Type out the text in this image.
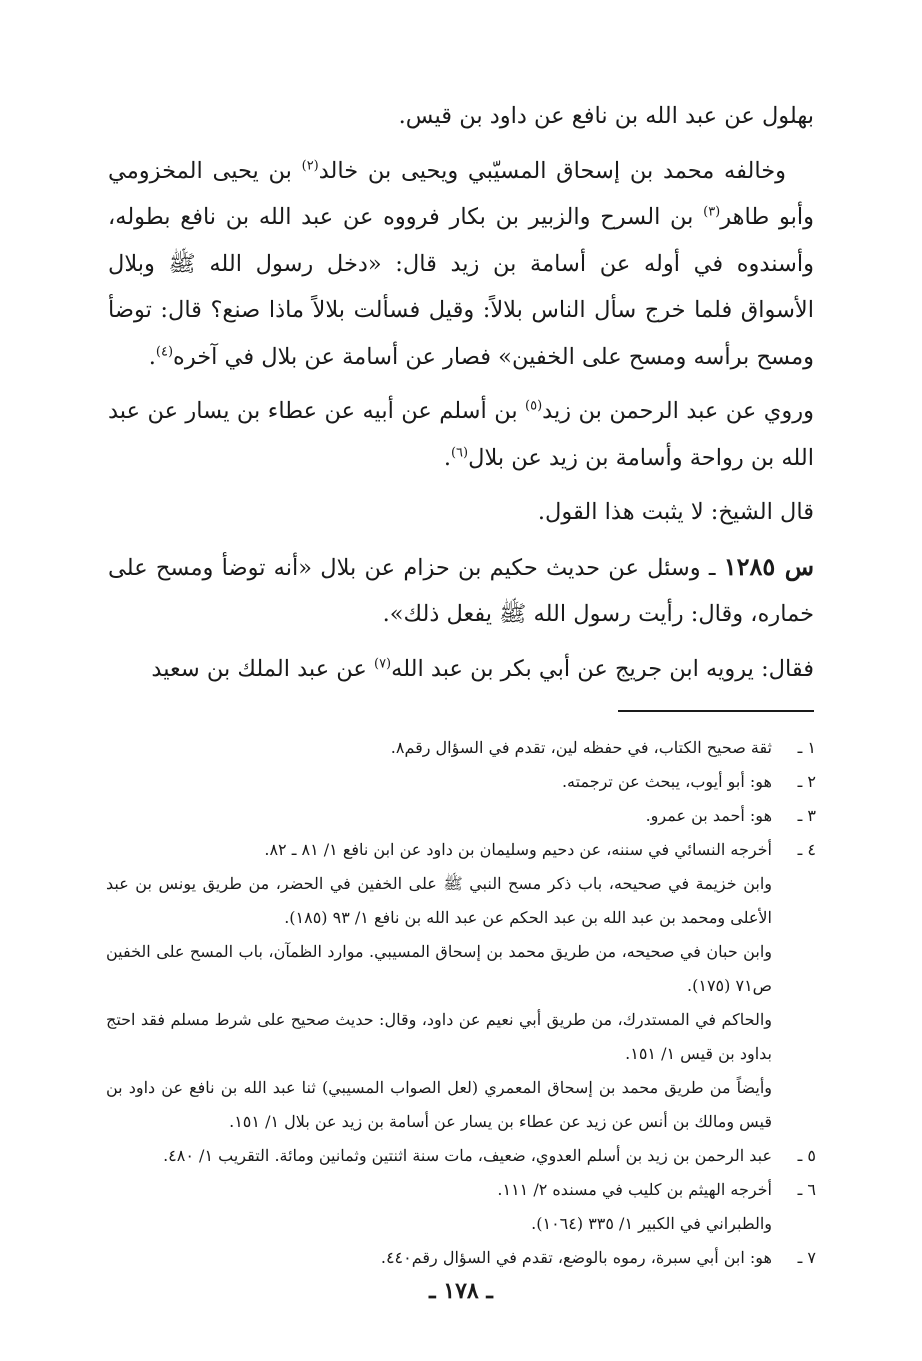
بهلول عن عبد الله بن نافع عن داود بن قيس.

وخالفه محمد بن إسحاق المسيّبي ويحيى بن خالد$^{(٢)}$ بن يحيى المخزومي وأبو طاهر$^{(٣)}$ بن السرح والزبير بن بكار فرووه عن عبد الله بن نافع بطوله، وأسندوه في أوله عن أسامة بن زيد قال: «دخل رسول الله ﷺ وبلال الأسواق فلما خرج سأل الناس بلالاً: وقيل فسألت بلالاً ماذا صنع؟ قال: توضأ ومسح برأسه ومسح على الخفين» فصار عن أسامة عن بلال في آخره$^{(٤)}$.

وروي عن عبد الرحمن بن زيد$^{(٥)}$ بن أسلم عن أبيه عن عطاء بن يسار عن عبد الله بن رواحة وأسامة بن زيد عن بلال$^{(٦)}$.

قال الشيخ: لا يثبت هذا القول.

س ١٢٨٥ ـ وسئل عن حديث حكيم بن حزام عن بلال «أنه توضأ ومسح على خماره، وقال: رأيت رسول الله ﷺ يفعل ذلك».

فقال: يرويه ابن جريج عن أبي بكر بن عبد الله$^{(٧)}$ عن عبد الملك بن سعيد

١ ـ
ثقة صحيح الكتاب، في حفظه لين، تقدم في السؤال رقم٨.
٢ ـ
هو: أبو أيوب، يبحث عن ترجمته.
٣ ـ
هو: أحمد بن عمرو.
٤ ـ
أخرجه النسائي في سننه، عن دحيم وسليمان بن داود عن ابن نافع ١/ ٨١ ـ ٨٢.
وابن خزيمة في صحيحه، باب ذكر مسح النبي ﷺ على الخفين في الحضر، من طريق يونس بن عبد الأعلى ومحمد بن عبد الله بن عبد الحكم عن عبد الله بن نافع ١/ ٩٣ (١٨٥).
وابن حبان في صحيحه، من طريق محمد بن إسحاق المسيبي. موارد الظمآن، باب المسح على الخفين ص٧١ (١٧٥).
والحاكم في المستدرك، من طريق أبي نعيم عن داود، وقال: حديث صحيح على شرط مسلم فقد احتج بداود بن قيس ١/ ١٥١.
وأيضاً من طريق محمد بن إسحاق المعمري (لعل الصواب المسيبي) ثنا عبد الله بن نافع عن داود بن قيس ومالك بن أنس عن زيد عن عطاء بن يسار عن أسامة بن زيد عن بلال ١/ ١٥١.
٥ ـ
عبد الرحمن بن زيد بن أسلم العدوي، ضعيف، مات سنة اثنتين وثمانين ومائة. التقريب ١/ ٤٨٠.
٦ ـ
أخرجه الهيثم بن كليب في مسنده ٢/ ١١١.
والطبراني في الكبير ١/ ٣٣٥ (١٠٦٤).
٧ ـ
هو: ابن أبي سبرة، رموه بالوضع، تقدم في السؤال رقم٤٤٠.
ـ ١٧٨ ـ
